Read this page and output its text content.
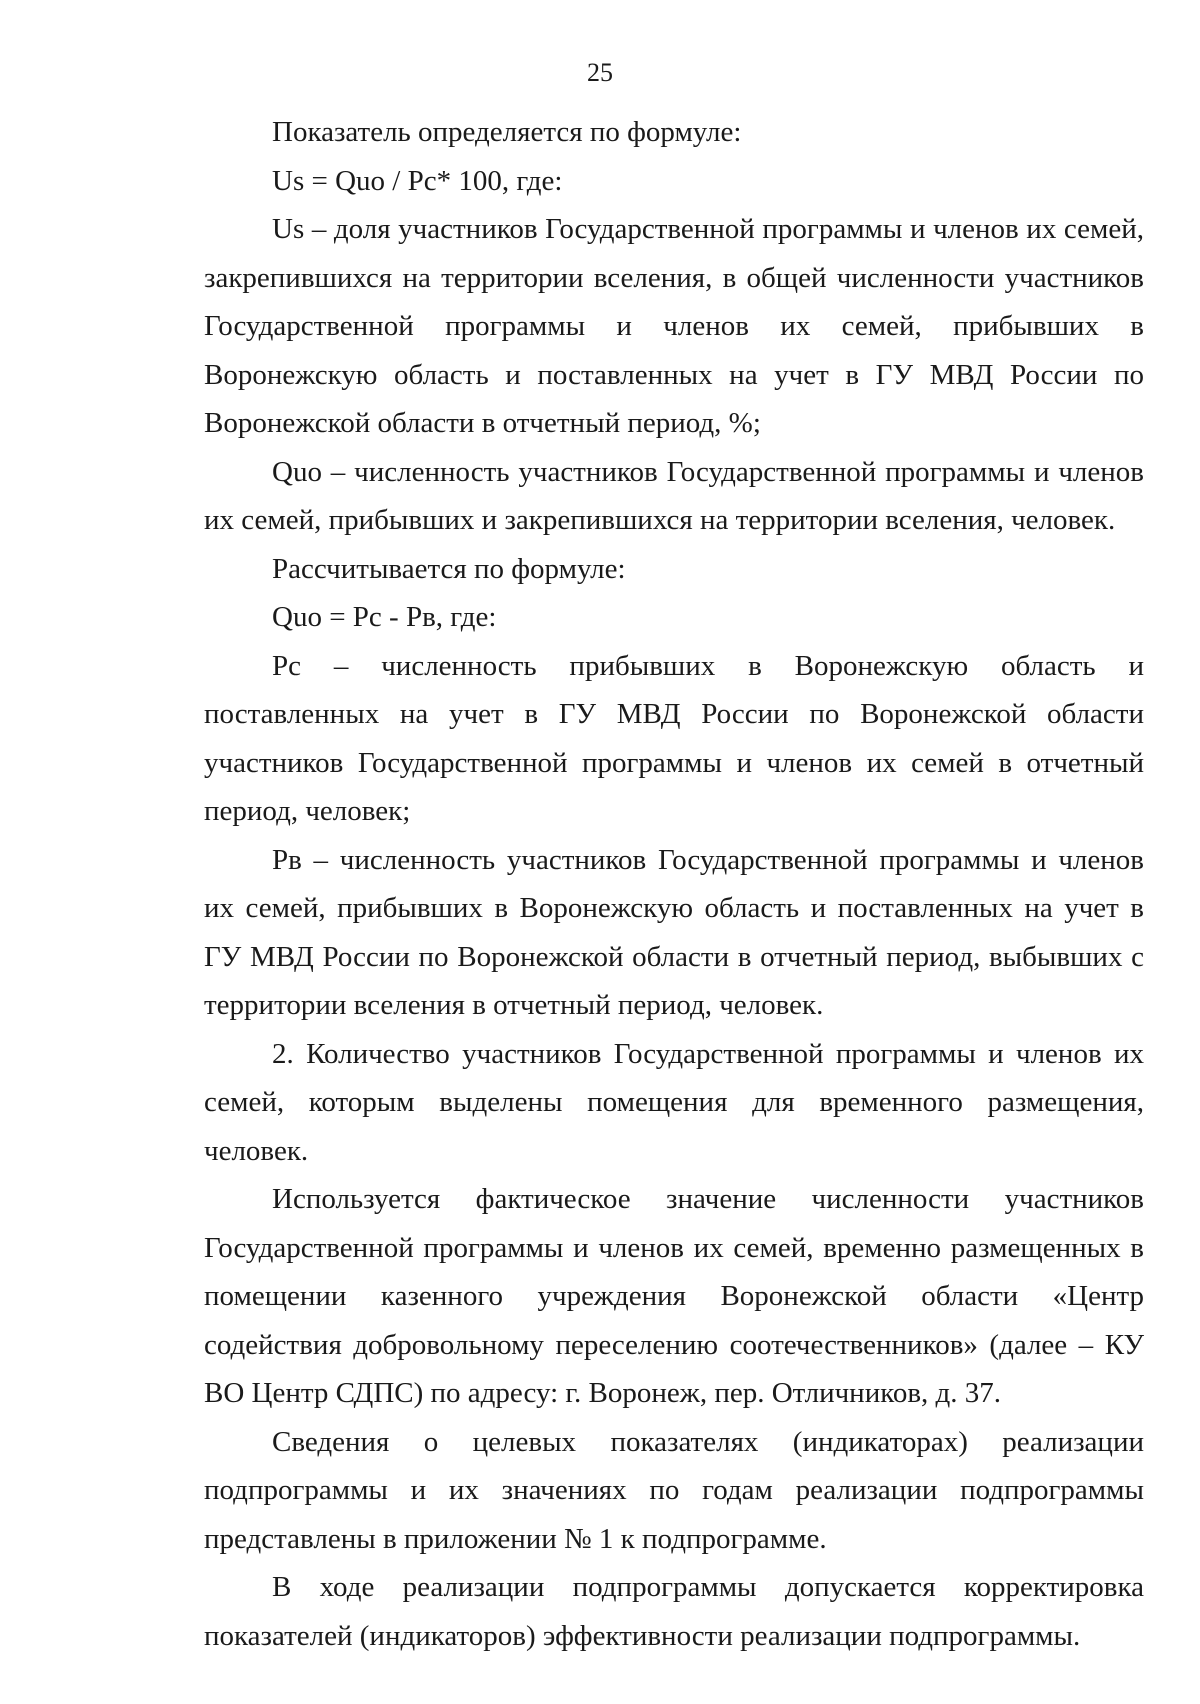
25

Показатель определяется по формуле:

Us = Quo / Pc* 100, где:

Us – доля участников Государственной программы и членов их семей, закрепившихся на территории вселения, в общей численности участников Государственной программы и членов их семей, прибывших в Воронежскую область и поставленных на учет в ГУ МВД России по Воронежской области в отчетный период, %;

Quo – численность участников Государственной программы и членов их семей, прибывших и закрепившихся на территории вселения, человек.

Рассчитывается по формуле:

Quo = Pc - Pв, где:

Pc – численность прибывших в Воронежскую область и поставленных на учет в ГУ МВД России по Воронежской области участников Государственной программы и членов их семей в отчетный период, человек;

Pв – численность участников Государственной программы и членов их семей, прибывших в Воронежскую область и поставленных на учет в ГУ МВД России по Воронежской области в отчетный период, выбывших с территории вселения в отчетный период, человек.

2. Количество участников Государственной программы и членов их семей, которым выделены помещения для временного размещения, человек.

Используется фактическое значение численности участников Государственной программы и членов их семей, временно размещенных в помещении казенного учреждения Воронежской области «Центр содействия добровольному переселению соотечественников» (далее – КУ ВО Центр СДПС) по адресу: г. Воронеж, пер. Отличников, д. 37.

Сведения о целевых показателях (индикаторах) реализации подпрограммы и их значениях по годам реализации подпрограммы представлены в приложении № 1 к подпрограмме.

В ходе реализации подпрограммы допускается корректировка показателей (индикаторов) эффективности реализации подпрограммы.
